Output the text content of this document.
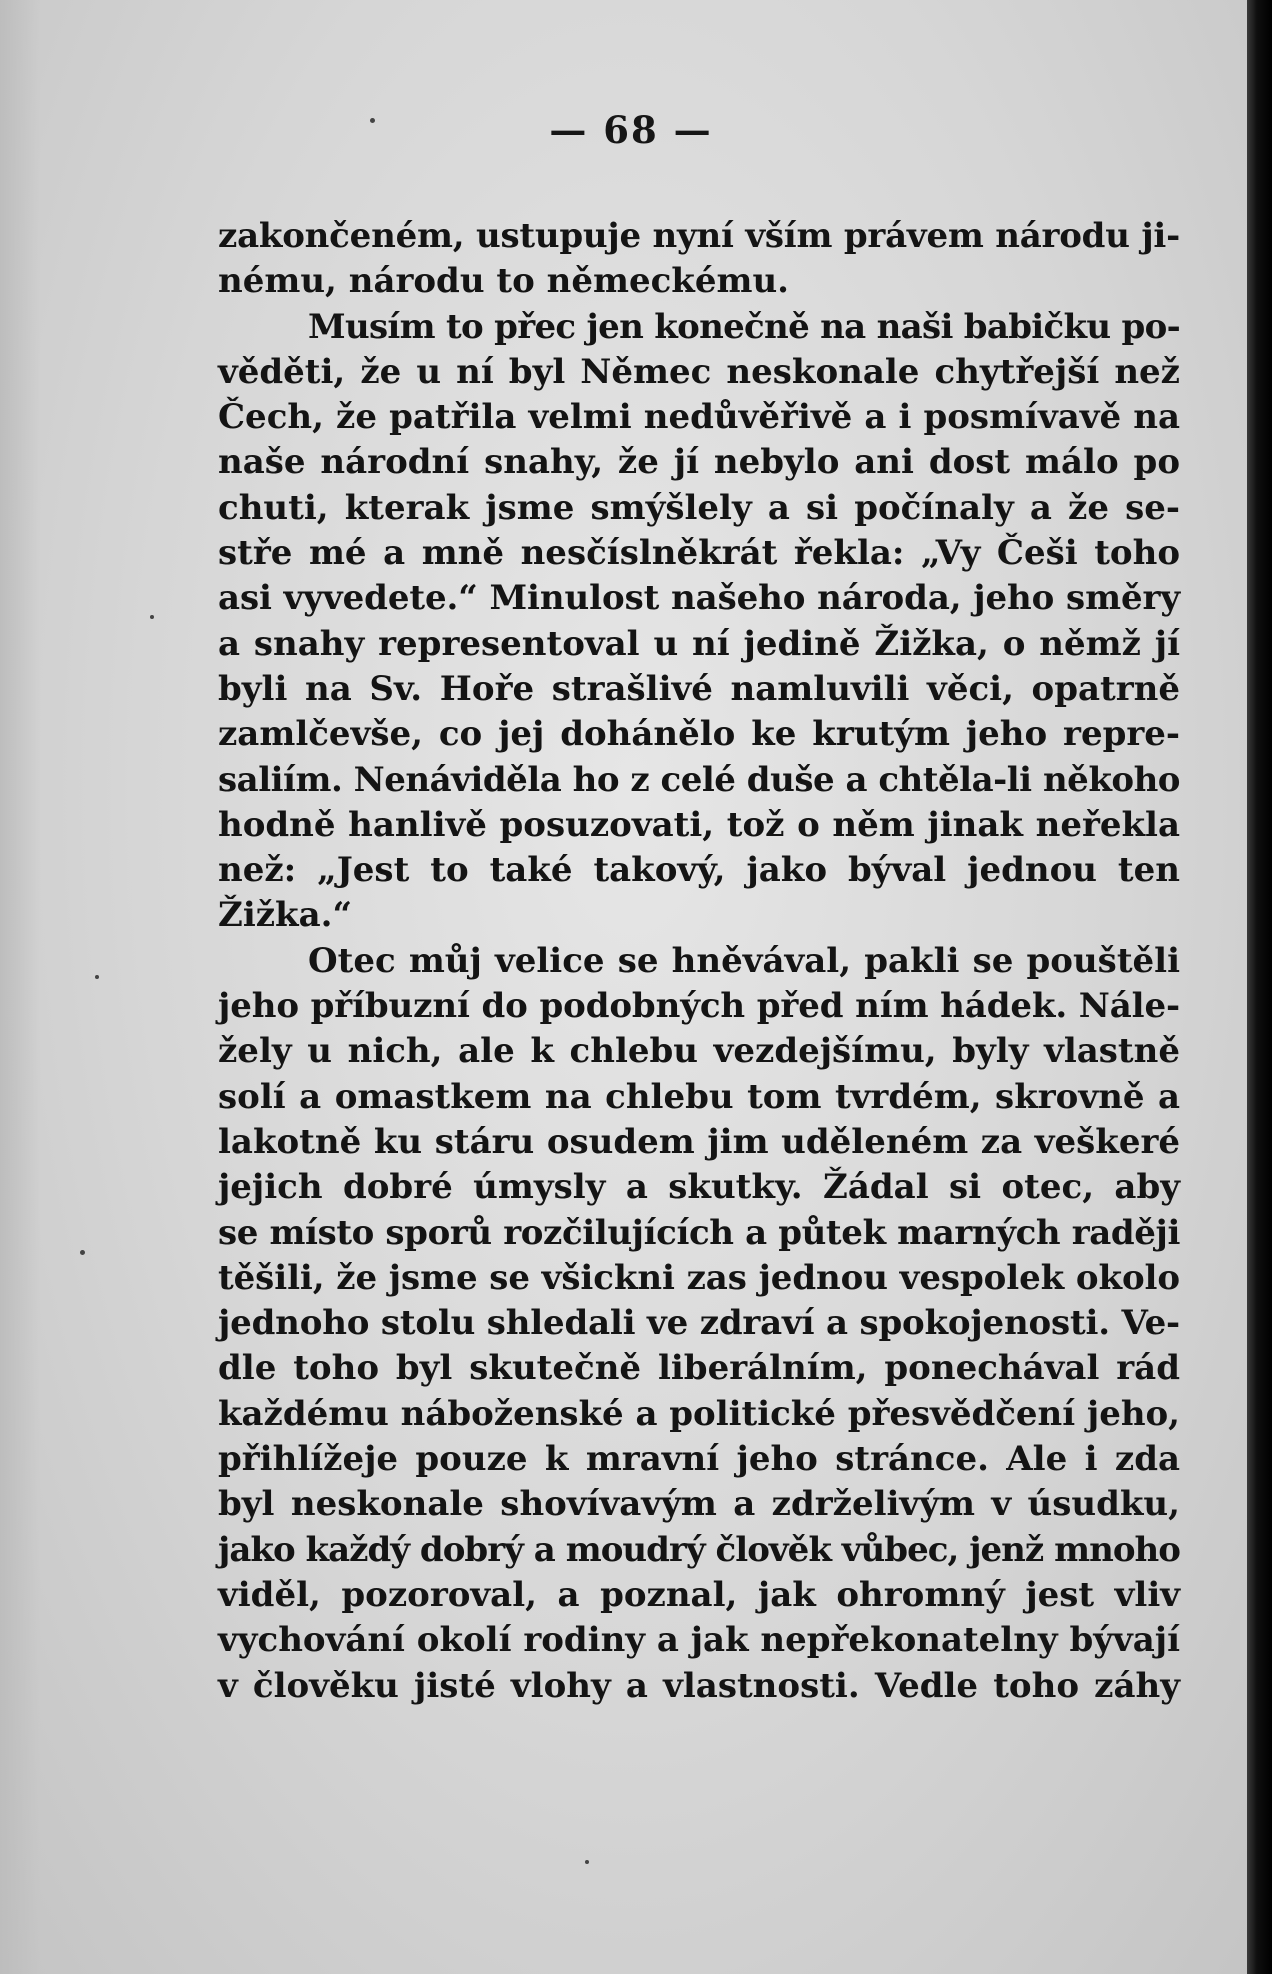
— 68 —
zakončeném, ustupuje nyní vším právem národu ji-
nému, národu to německému.
Musím to přec jen konečně na naši babičku po-
věděti, že u ní byl Němec neskonale chytřejší než
Čech, že patřila velmi nedůvěřivě a i posmívavě na
naše národní snahy, že jí nebylo ani dost málo po
chuti, kterak jsme smýšlely a si počínaly a že se-
stře mé a mně nesčíslněkrát řekla: „Vy Češi toho
asi vyvedete.“ Minulost našeho národa, jeho směry
a snahy representoval u ní jedině Žižka, o němž jí
byli na Sv. Hoře strašlivé namluvili věci, opatrně
zamlčevše, co jej dohánělo ke krutým jeho repre-
saliím. Nenáviděla ho z celé duše a chtěla-li někoho
hodně hanlivě posuzovati, tož o něm jinak neřekla
než: „Jest to také takový, jako býval jednou ten
Žižka.“
Otec můj velice se hněvával, pakli se pouštěli
jeho příbuzní do podobných před ním hádek. Nále-
žely u nich, ale k chlebu vezdejšímu, byly vlastně
solí a omastkem na chlebu tom tvrdém, skrovně a
lakotně ku stáru osudem jim uděleném za veškeré
jejich dobré úmysly a skutky. Žádal si otec, aby
se místo sporů rozčilujících a půtek marných raději
těšili, že jsme se všickni zas jednou vespolek okolo
jednoho stolu shledali ve zdraví a spokojenosti. Ve-
dle toho byl skutečně liberálním, ponechával rád
každému náboženské a politické přesvědčení jeho,
přihlížeje pouze k mravní jeho stránce. Ale i zda
byl neskonale shovívavým a zdrželivým v úsudku,
jako každý dobrý a moudrý člověk vůbec, jenž mnoho
viděl, pozoroval, a poznal, jak ohromný jest vliv
vychování okolí rodiny a jak nepřekonatelny bývají
v člověku jisté vlohy a vlastnosti. Vedle toho záhy
